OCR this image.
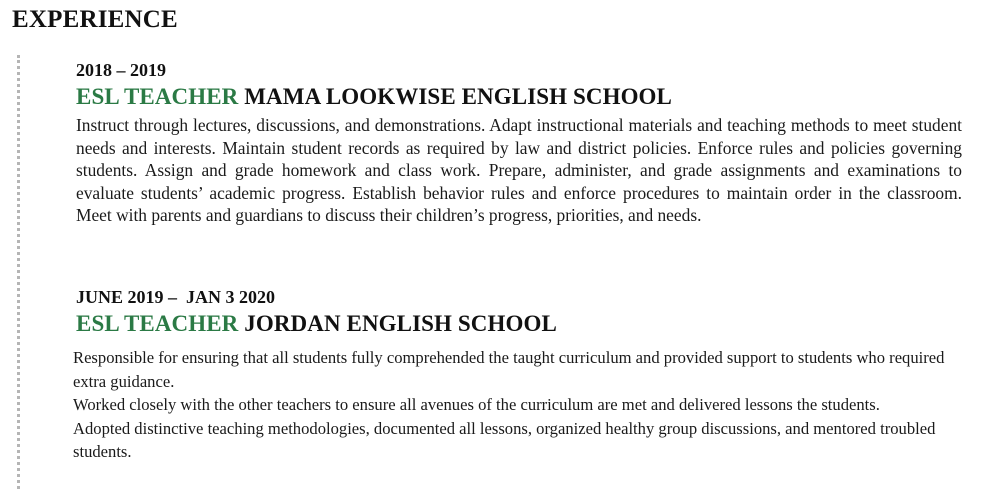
EXPERIENCE
2018 – 2019
ESL TEACHER MAMA LOOKWISE ENGLISH SCHOOL
Instruct through lectures, discussions, and demonstrations. Adapt instructional materials and teaching methods to meet student needs and interests. Maintain student records as required by law and district policies. Enforce rules and policies governing students. Assign and grade homework and class work. Prepare, administer, and grade assignments and examinations to evaluate students’ academic progress. Establish behavior rules and enforce procedures to maintain order in the classroom. Meet with parents and guardians to discuss their children’s progress, priorities, and needs.
JUNE 2019 –  JAN 3 2020
ESL TEACHER JORDAN ENGLISH SCHOOL

Responsible for ensuring that all students fully comprehended the taught curriculum and provided support to students who required extra guidance.

Worked closely with the other teachers to ensure all avenues of the curriculum are met and delivered lessons the students.

Adopted distinctive teaching methodologies, documented all lessons, organized healthy group discussions, and mentored troubled students.
